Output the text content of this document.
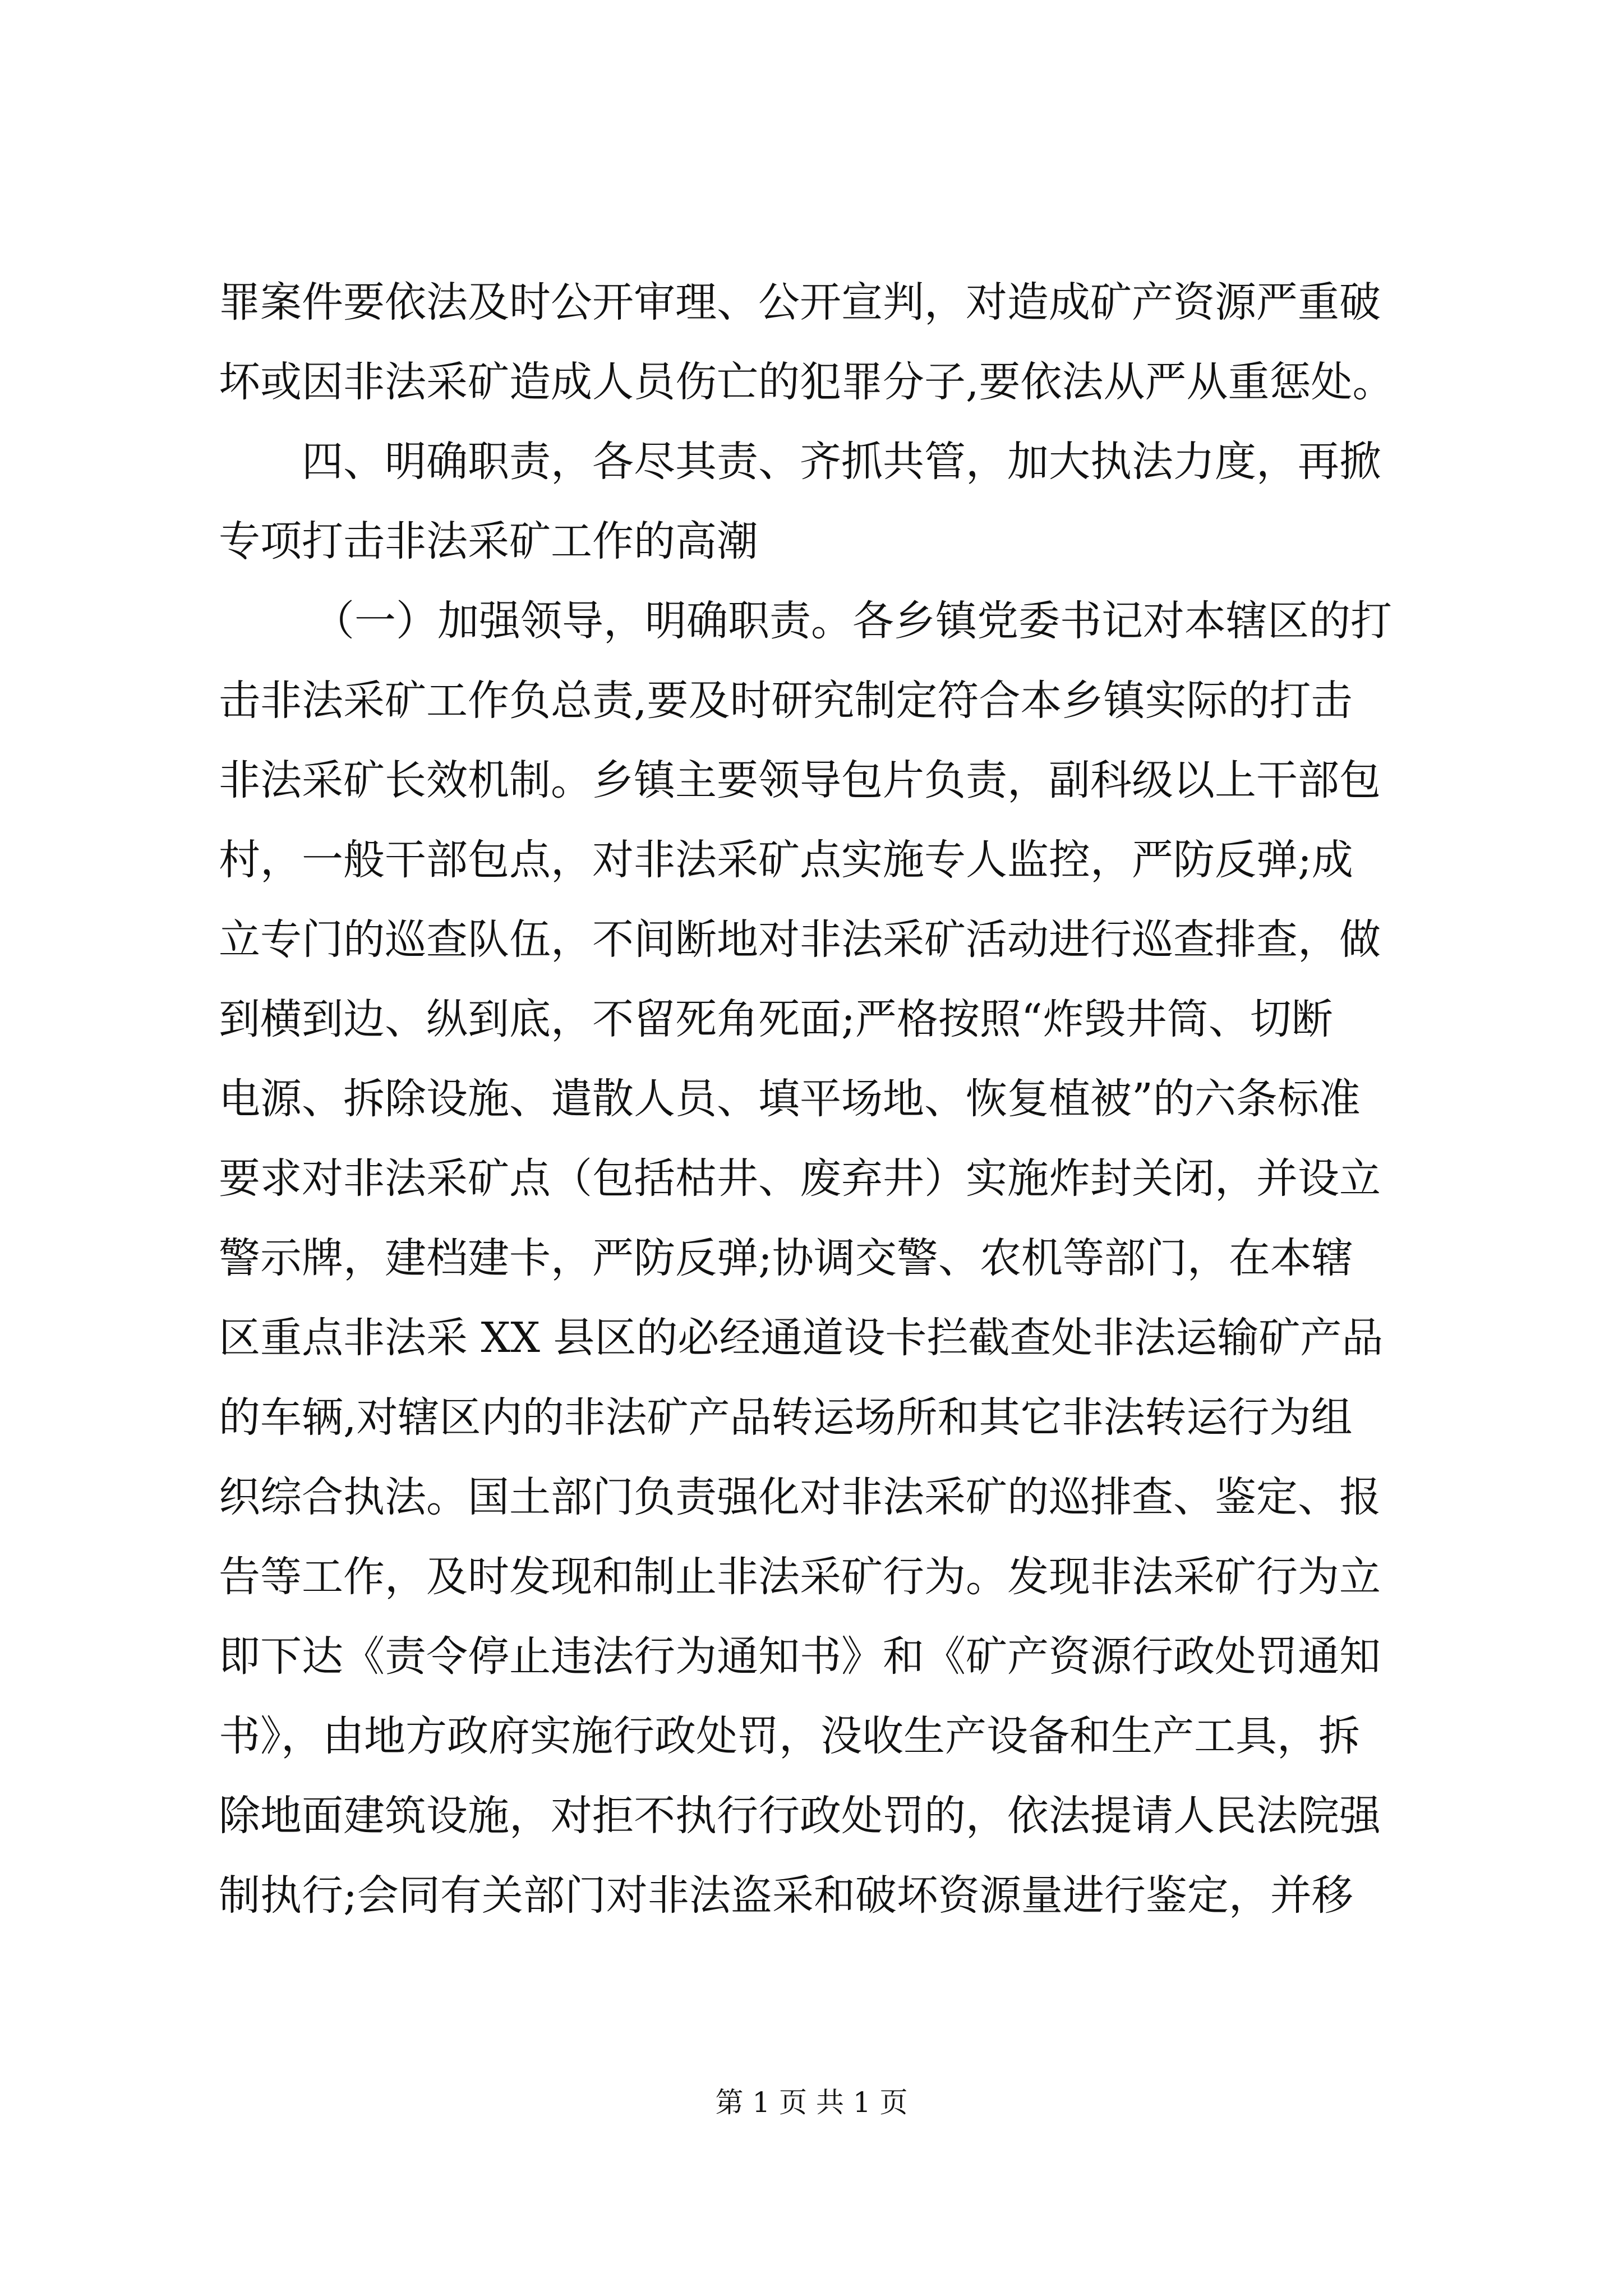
罪案件要依法及时公开审理、公开宣判，对造成矿产资源严重破
坏或因非法采矿造成人员伤亡的犯罪分子,要依法从严从重惩处。
四、明确职责，各尽其责、齐抓共管，加大执法力度，再掀
专项打击非法采矿工作的高潮
（一）加强领导，明确职责。各乡镇党委书记对本辖区的打
击非法采矿工作负总责,要及时研究制定符合本乡镇实际的打击
非法采矿长效机制。乡镇主要领导包片负责，副科级以上干部包
村，一般干部包点，对非法采矿点实施专人监控，严防反弹;成
立专门的巡查队伍，不间断地对非法采矿活动进行巡查排查，做
到横到边、纵到底，不留死角死面;严格按照“炸毁井筒、切断
电源、拆除设施、遣散人员、填平场地、恢复植被”的六条标准
要求对非法采矿点（包括枯井、废弃井）实施炸封关闭，并设立
警示牌，建档建卡，严防反弹;协调交警、农机等部门，在本辖
区重点非法采 XX 县区的必经通道设卡拦截查处非法运输矿产品
的车辆,对辖区内的非法矿产品转运场所和其它非法转运行为组
织综合执法。国土部门负责强化对非法采矿的巡排查、鉴定、报
告等工作，及时发现和制止非法采矿行为。发现非法采矿行为立
即下达《责令停止违法行为通知书》和《矿产资源行政处罚通知
书》，由地方政府实施行政处罚，没收生产设备和生产工具，拆
除地面建筑设施，对拒不执行行政处罚的，依法提请人民法院强
制执行;会同有关部门对非法盗采和破坏资源量进行鉴定，并移
第 1 页 共 1 页
